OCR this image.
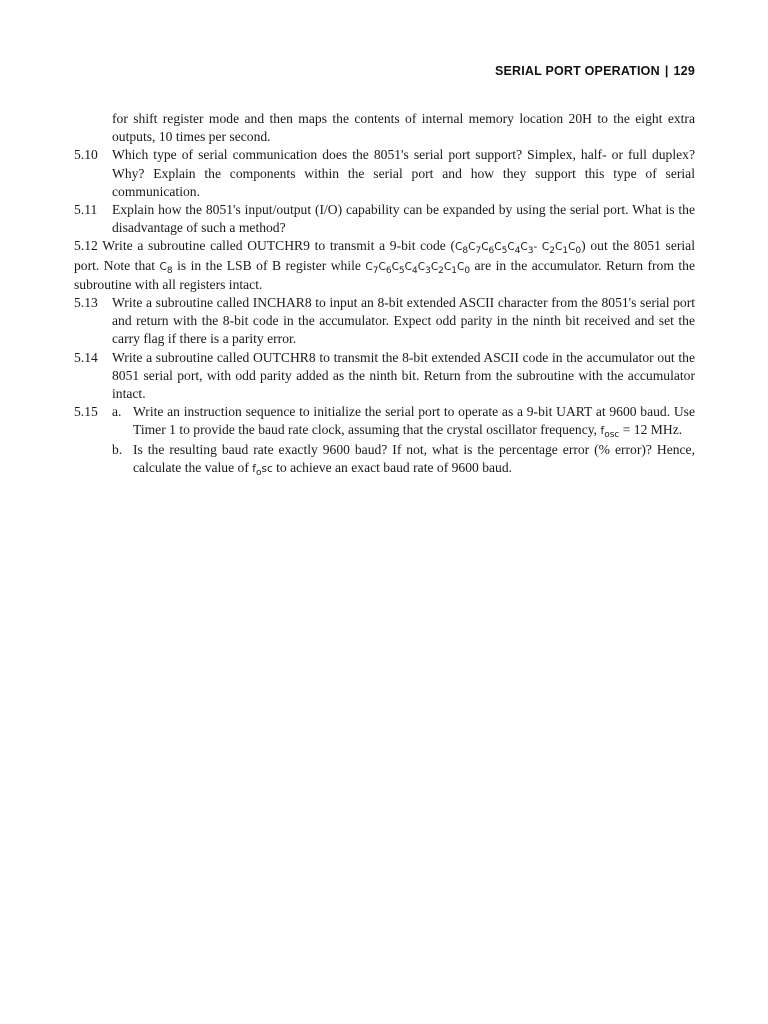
SERIAL PORT OPERATION | 129
for shift register mode and then maps the contents of internal memory location 20H to the eight extra outputs, 10 times per second.
5.10	Which type of serial communication does the 8051's serial port support? Simplex, half- or full duplex? Why? Explain the components within the serial port and how they support this type of serial communication.
5.11	Explain how the 8051's input/output (I/O) capability can be expanded by using the serial port. What is the disadvantage of such a method?
5.12 Write a subroutine called OUTCHR9 to transmit a 9-bit code ($C_8C_7C_6C_5C_4C_3-$ $C_2C_1C_0$) out the 8051 serial port. Note that $C_8$ is in the LSB of B register while $C_7C_6C_5C_4C_3C_2C_1C_0$ are in the accumulator. Return from the subroutine with all registers intact.
5.13	Write a subroutine called INCHAR8 to input an 8-bit extended ASCII character from the 8051's serial port and return with the 8-bit code in the accumulator. Expect odd parity in the ninth bit received and set the carry flag if there is a parity error.
5.14	Write a subroutine called OUTCHR8 to transmit the 8-bit extended ASCII code in the accumulator out the 8051 serial port, with odd parity added as the ninth bit. Return from the subroutine with the accumulator intact.
5.15	a. Write an instruction sequence to initialize the serial port to operate as a 9-bit UART at 9600 baud. Use Timer 1 to provide the baud rate clock, assuming that the crystal oscillator frequency, $f_{osc} = 12$ MHz.
b. Is the resulting baud rate exactly 9600 baud? If not, what is the percentage error (% error)? Hence, calculate the value of $f_osc$ to achieve an exact baud rate of 9600 baud.
